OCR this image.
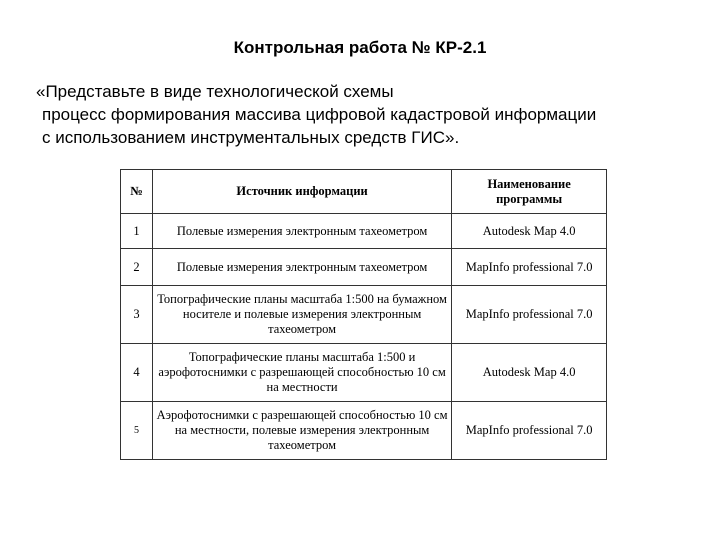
Контрольная работа № КР-2.1
«Представьте в виде технологической схемы
процесс формирования массива цифровой кадастровой информации
с использованием инструментальных средств ГИС».
№	Источник информации	Наименование программы
1	Полевые измерения электронным тахеометром	Autodesk Map 4.0
2	Полевые измерения электронным тахеометром	MapInfo professional 7.0
3	Топографические планы масштаба 1:500 на бумажном носителе и полевые измерения электронным тахеометром	MapInfo professional 7.0
4	Топографические планы масштаба 1:500 и аэрофотоснимки с разрешающей способностью 10 см на местности	Autodesk Map 4.0
5	Аэрофотоснимки с разрешающей способностью 10 см на местности, полевые измерения электронным тахеометром	MapInfo professional 7.0
